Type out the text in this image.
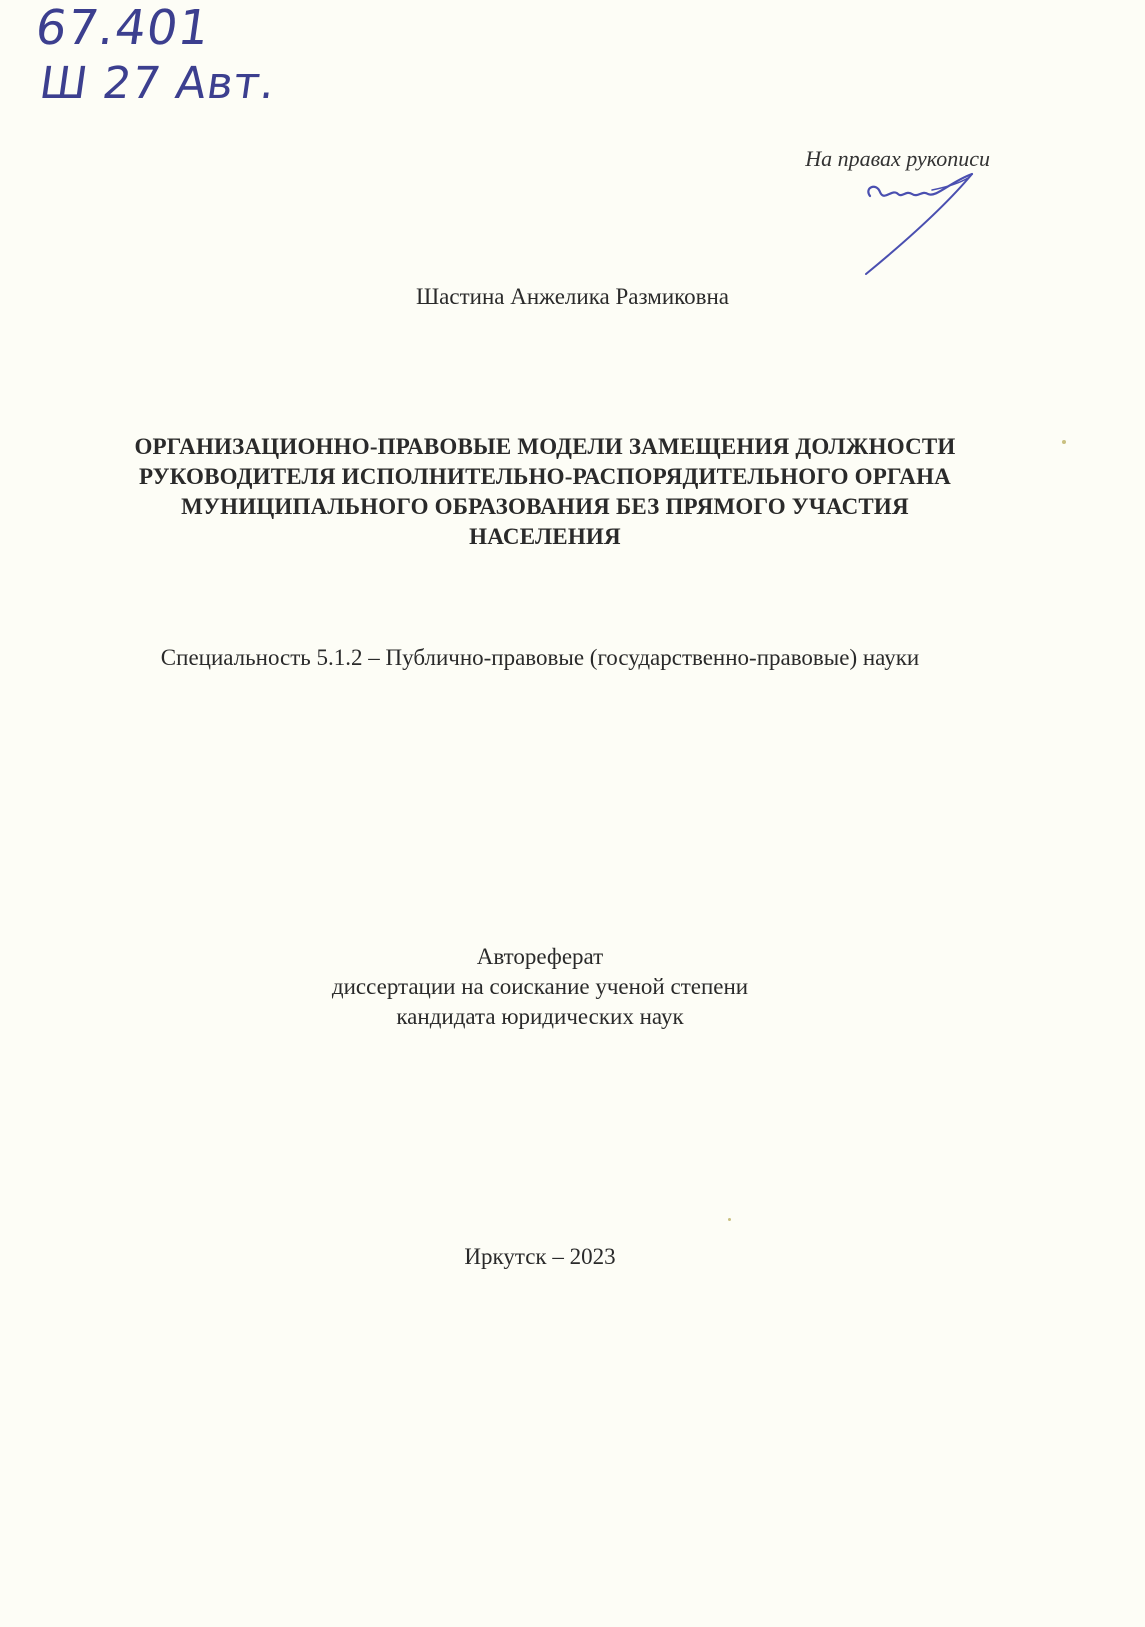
67.401
Ш 27 Авт.
На правах рукописи
Шастина Анжелика Размиковна
ОРГАНИЗАЦИОННО-ПРАВОВЫЕ МОДЕЛИ ЗАМЕЩЕНИЯ ДОЛЖНОСТИ
РУКОВОДИТЕЛЯ ИСПОЛНИТЕЛЬНО-РАСПОРЯДИТЕЛЬНОГО ОРГАНА
МУНИЦИПАЛЬНОГО ОБРАЗОВАНИЯ БЕЗ ПРЯМОГО УЧАСТИЯ
НАСЕЛЕНИЯ
Специальность 5.1.2 – Публично-правовые (государственно-правовые) науки
Автореферат
диссертации на соискание ученой степени
кандидата юридических наук
Иркутск – 2023
